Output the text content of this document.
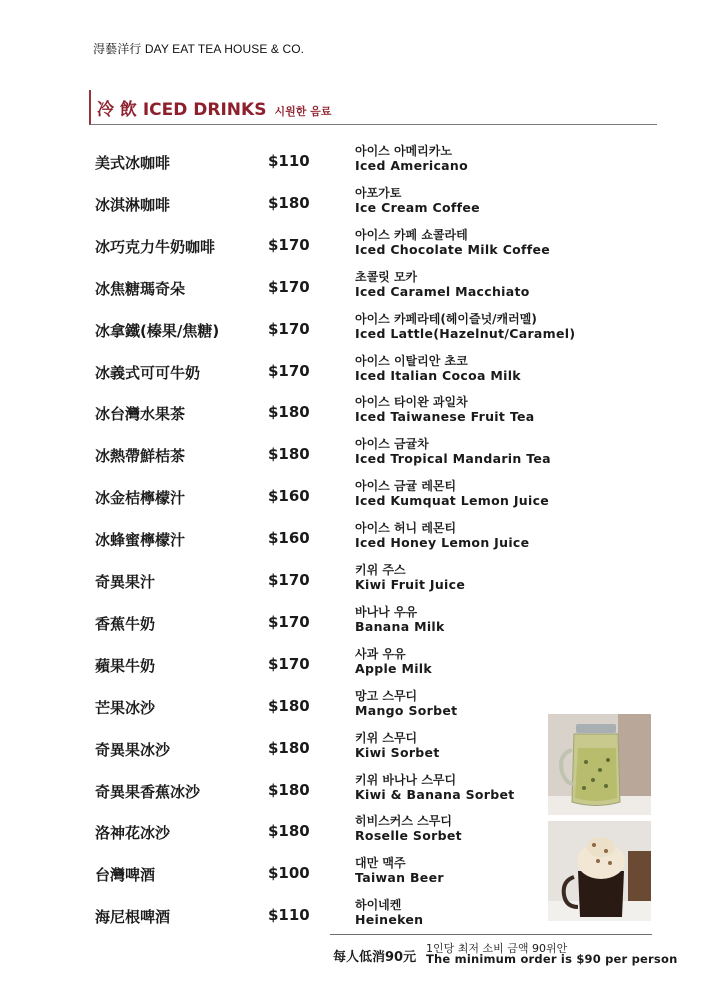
淂藝洋行 DAY EAT TEA HOUSE & CO.
冷 飲 ICED DRINKS 시원한 음료
美式冰咖啡	$110
아이스 아메리카노
Iced Americano
冰淇淋咖啡	$180
아포가토
Ice Cream Coffee
冰巧克力牛奶咖啡	$170
아이스 카페 쇼콜라테
Iced Chocolate Milk Coffee
冰焦糖瑪奇朵	$170
초콜릿 모카
Iced Caramel Macchiato
冰拿鐵(榛果/焦糖)	$170
아이스 카페라테(헤이즐넛/캐러멜)
Iced Lattle(Hazelnut/Caramel)
冰義式可可牛奶	$170
아이스 이탈리안 초코
Iced Italian Cocoa Milk
冰台灣水果茶	$180
아이스 타이완 과일차
Iced Taiwanese Fruit Tea
冰熱帶鮮桔茶	$180
아이스 금귤차
Iced Tropical Mandarin Tea
冰金桔檸檬汁	$160
아이스 금귤 레몬티
Iced Kumquat Lemon Juice
冰蜂蜜檸檬汁	$160
아이스 허니 레몬티
Iced Honey Lemon Juice
奇異果汁	$170
키위 주스
Kiwi Fruit Juice
香蕉牛奶	$170
바나나 우유
Banana Milk
蘋果牛奶	$170
사과 우유
Apple Milk
芒果冰沙	$180
망고 스무디
Mango Sorbet
奇異果冰沙	$180
키위 스무디
Kiwi Sorbet
奇異果香蕉冰沙	$180
키위 바나나 스무디
Kiwi & Banana Sorbet
洛神花冰沙	$180
히비스커스 스무디
Roselle Sorbet
台灣啤酒	$100
대만 맥주
Taiwan Beer
海尼根啤酒	$110
하이네켄
Heineken
每人低消90元
1인당 최저 소비 금액 90위안
The minimum order is $90 per person
